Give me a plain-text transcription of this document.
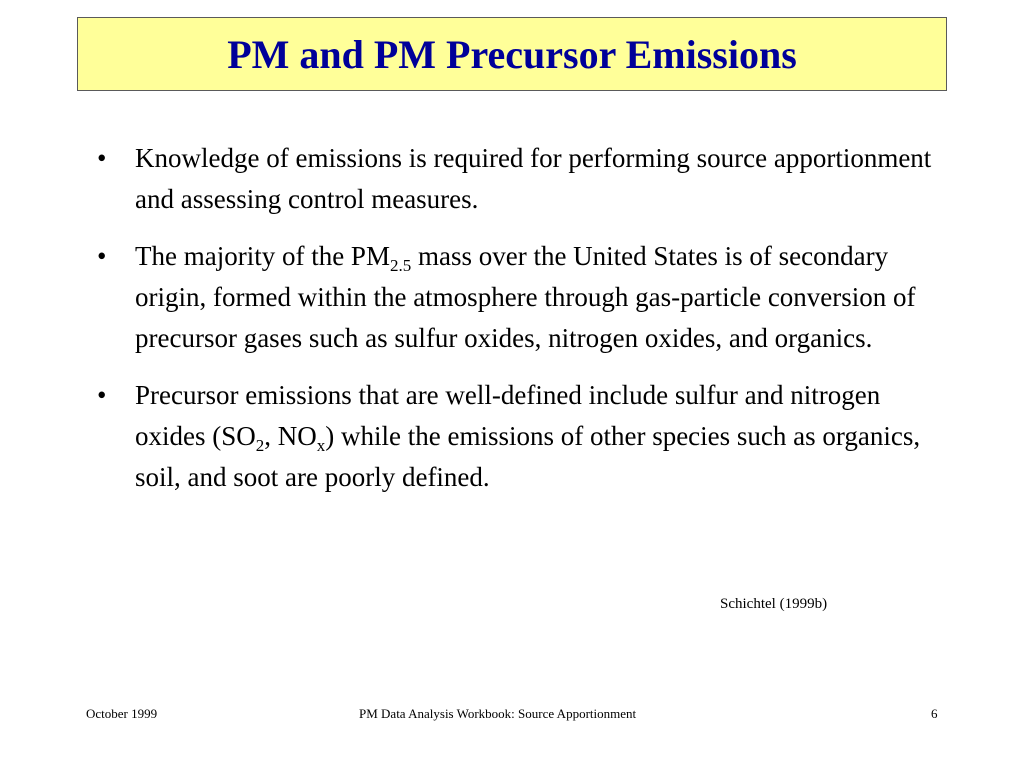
PM and PM Precursor Emissions
• Knowledge of emissions is required for performing source apportionment and assessing control measures.
• The majority of the $PM_{2.5}$ mass over the United States is of secondary origin, formed within the atmosphere through gas-particle conversion of precursor gases such as sulfur oxides, nitrogen oxides, and organics.
• Precursor emissions that are well-defined include sulfur and nitrogen oxides ($SO_2$, $NO_x$) while the emissions of other species such as organics, soil, and soot are poorly defined.
Schichtel (1999b)
October 1999	PM Data Analysis Workbook: Source Apportionment	6
